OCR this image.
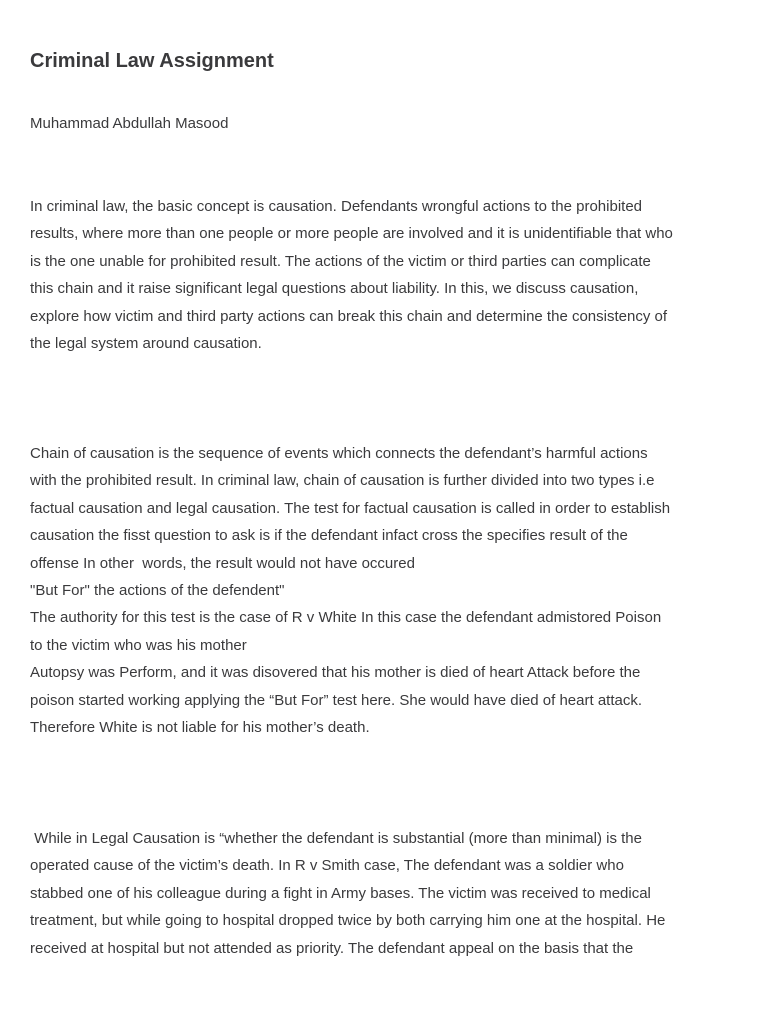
Criminal Law Assignment

Muhammad Abdullah Masood

In criminal law, the basic concept is causation. Defendants wrongful actions to the prohibited
results, where more than one people or more people are involved and it is unidentifiable that who
is the one unable for prohibited result. The actions of the victim or third parties can complicate
this chain and it raise significant legal questions about liability. In this, we discuss causation,
explore how victim and third party actions can break this chain and determine the consistency of
the legal system around causation.

Chain of causation is the sequence of events which connects the defendant’s harmful actions
with the prohibited result. In criminal law, chain of causation is further divided into two types i.e
factual causation and legal causation. The test for factual causation is called in order to establish
causation the fisst question to ask is if the defendant infact cross the specifies result of the
offense In other  words, the result would not have occured
"But For" the actions of the defendent"
The authority for this test is the case of R v White In this case the defendant admistored Poison
to the victim who was his mother
Autopsy was Perform, and it was disovered that his mother is died of heart Attack before the
poison started working applying the “But For” test here. She would have died of heart attack.
Therefore White is not liable for his mother’s death.

While in Legal Causation is “whether the defendant is substantial (more than minimal) is the
operated cause of the victim’s death. In R v Smith case, The defendant was a soldier who
stabbed one of his colleague during a fight in Army bases. The victim was received to medical
treatment, but while going to hospital dropped twice by both carrying him one at the hospital. He
received at hospital but not attended as priority. The defendant appeal on the basis that the
